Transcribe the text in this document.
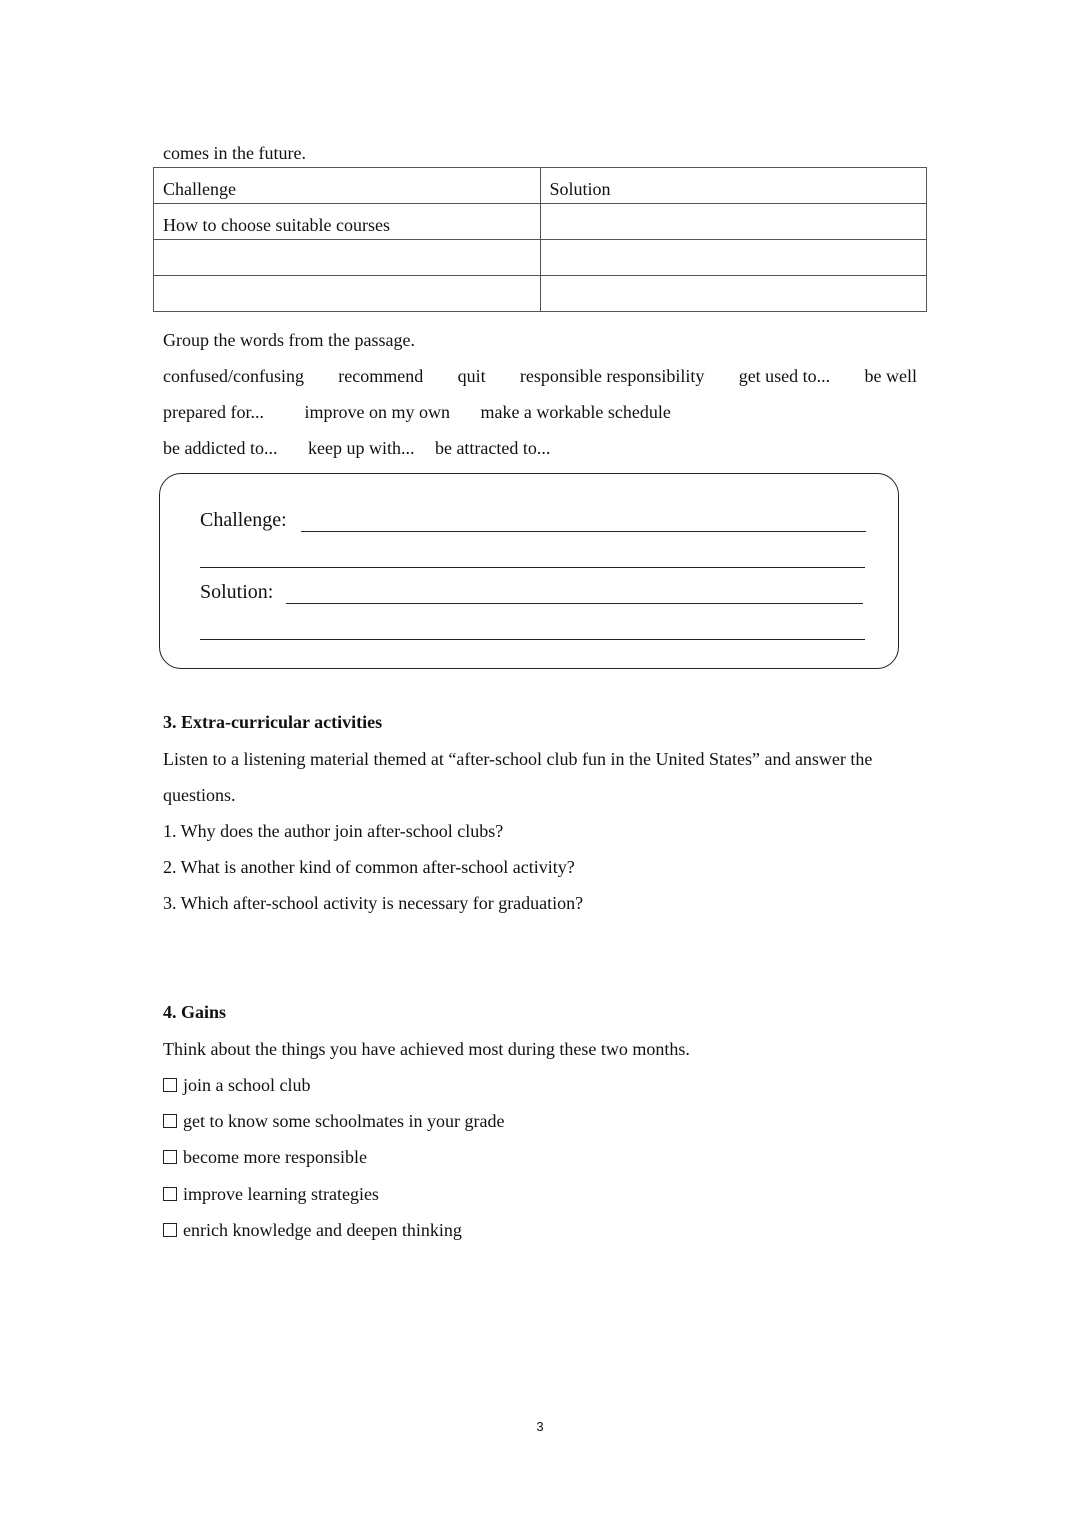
comes in the future.
Challenge	Solution
How to choose suitable courses	

Group the words from the passage.
confused/confusing recommend quit responsible responsibility get used to... be well
prepared for... improve on my own make a workable schedule
be addicted to... keep up with... be attracted to...
Challenge:
Solution:
3. Extra-curricular activities
Listen to a listening material themed at “after-school club fun in the United States” and answer the
questions.
1. Why does the author join after-school clubs?
2. What is another kind of common after-school activity?
3. Which after-school activity is necessary for graduation?
4. Gains
Think about the things you have achieved most during these two months.
join a school club
get to know some schoolmates in your grade
become more responsible
improve learning strategies
enrich knowledge and deepen thinking
3
